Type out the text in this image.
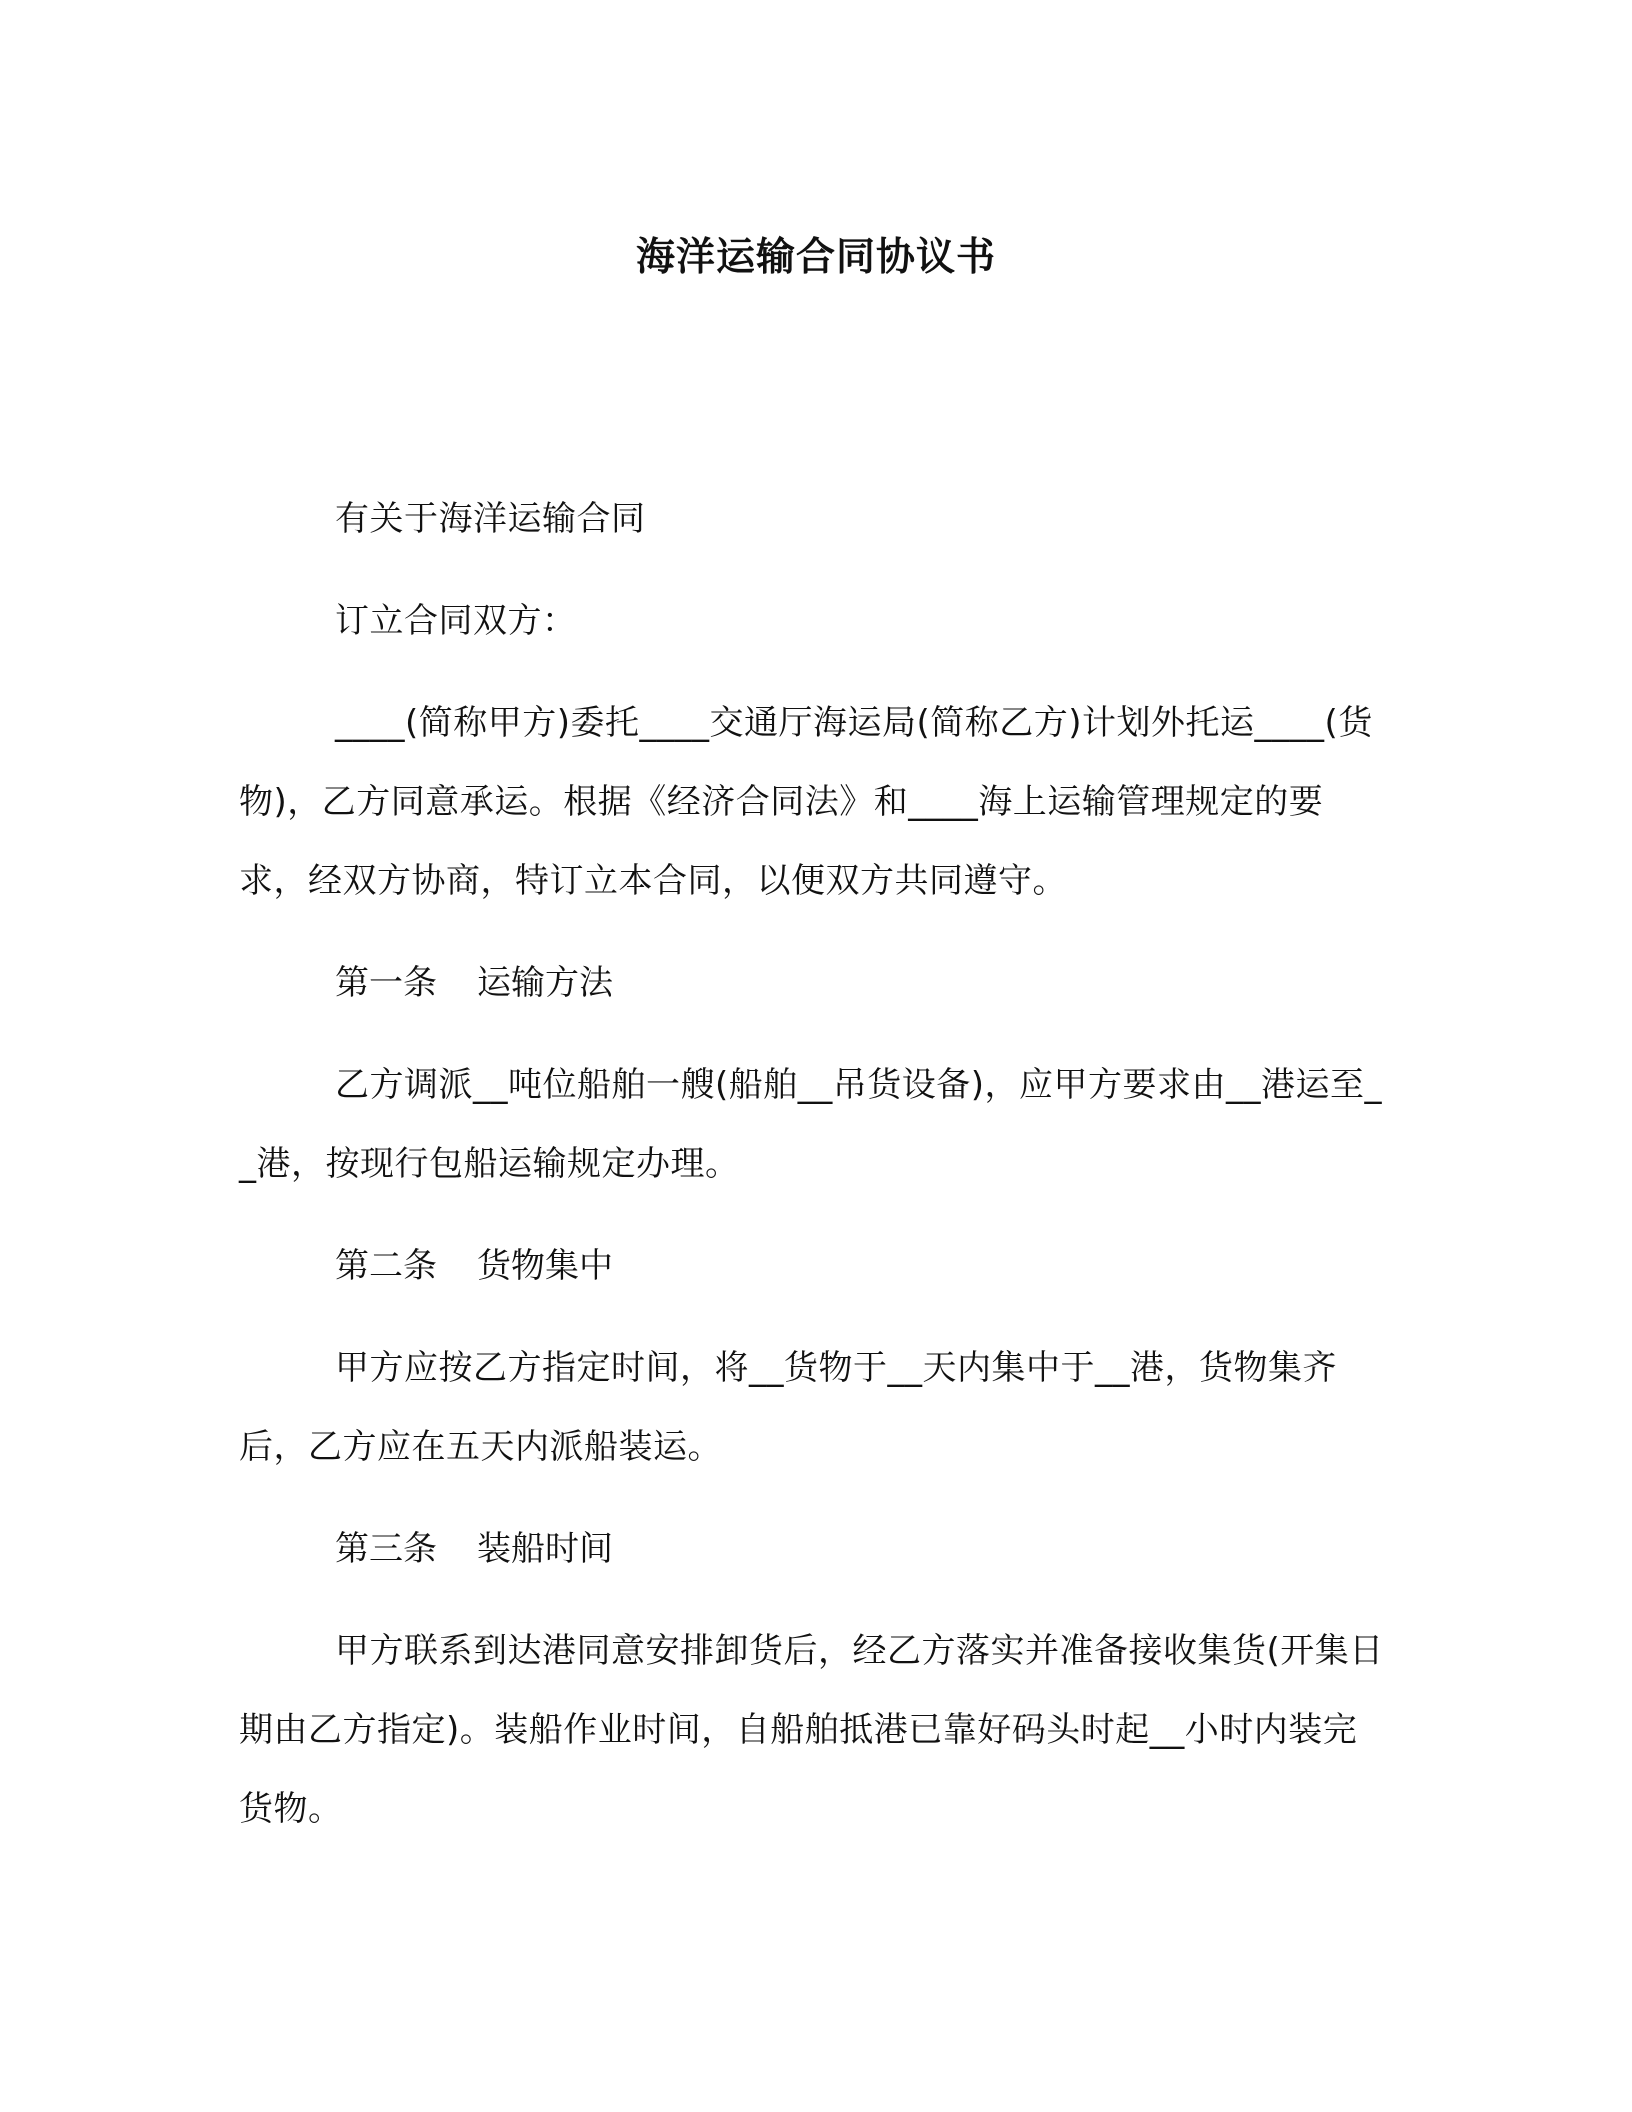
海洋运输合同协议书

有关于海洋运输合同

订立合同双方：

____(简称甲方)委托____交通厅海运局(简称乙方)计划外托运____(货物)，乙方同意承运。根据《经济合同法》和____海上运输管理规定的要求，经双方协商，特订立本合同，以便双方共同遵守。

第一条 运输方法

乙方调派__吨位船舶一艘(船舶__吊货设备)，应甲方要求由__港运至__港，按现行包船运输规定办理。

第二条 货物集中

甲方应按乙方指定时间，将__货物于__天内集中于__港，货物集齐后，乙方应在五天内派船装运。

第三条 装船时间

甲方联系到达港同意安排卸货后，经乙方落实并准备接收集货(开集日期由乙方指定)。装船作业时间，自船舶抵港已靠好码头时起__小时内装完货物。
